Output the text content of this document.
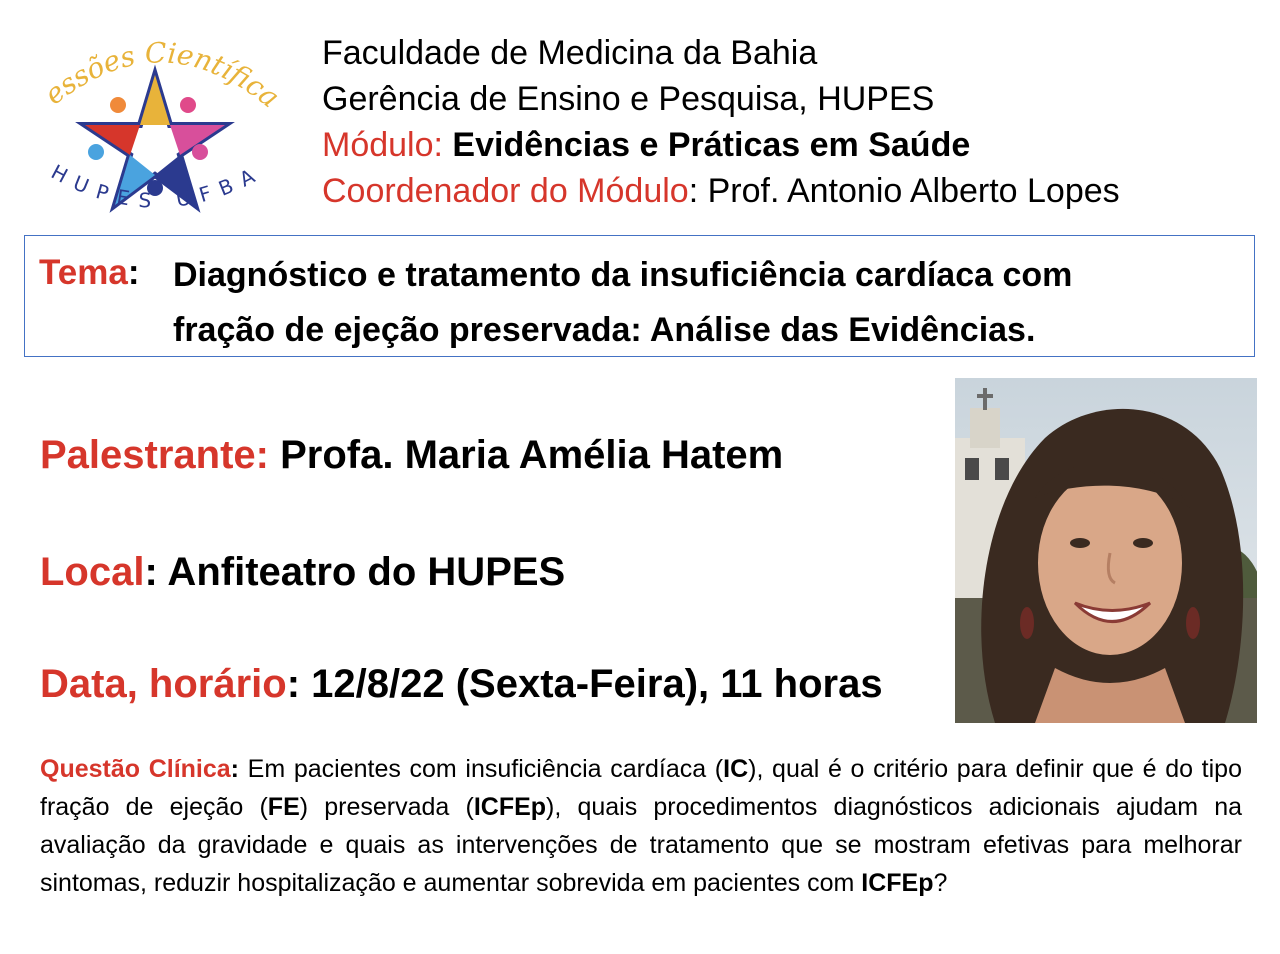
essões Científicas
HUPES UFBA
Faculdade de Medicina da Bahia
Gerência de Ensino e Pesquisa, HUPES
Módulo: Evidências e Práticas em Saúde
Coordenador do Módulo: Prof. Antonio Alberto Lopes
Tema: Diagnóstico e tratamento da insuficiência cardíaca com
fração de ejeção preservada: Análise das Evidências.
Palestrante: Profa. Maria Amélia Hatem
Local: Anfiteatro do HUPES
Data, horário: 12/8/22 (Sexta-Feira), 11 horas
Questão Clínica: Em pacientes com insuficiência cardíaca (IC), qual é o critério para definir que é do tipo fração de ejeção (FE) preservada (ICFEp), quais procedimentos diagnósticos adicionais ajudam na avaliação da gravidade e quais as intervenções de tratamento que se mostram efetivas para melhorar sintomas, reduzir hospitalização e aumentar sobrevida em pacientes com ICFEp?
